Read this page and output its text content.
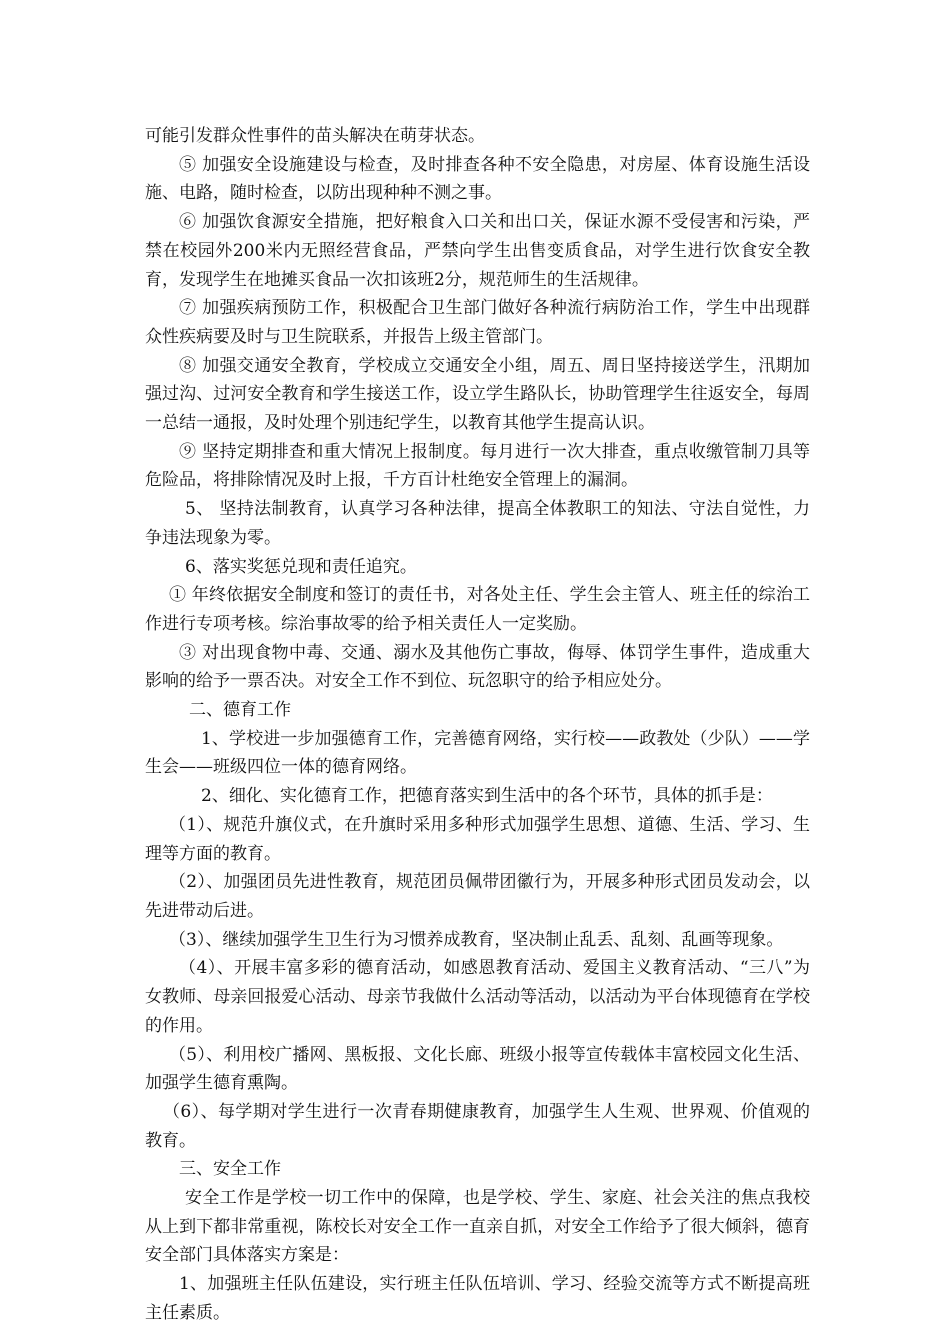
可能引发群众性事件的苗头解决在萌芽状态。

⑤ 加强安全设施建设与检查，及时排查各种不安全隐患，对房屋、体育设施生活设施、电路，随时检查，以防出现种种不测之事。

⑥ 加强饮食源安全措施，把好粮食入口关和出口关，保证水源不受侵害和污染，严禁在校园外200米内无照经营食品，严禁向学生出售变质食品，对学生进行饮食安全教育，发现学生在地摊买食品一次扣该班2分，规范师生的生活规律。

⑦ 加强疾病预防工作，积极配合卫生部门做好各种流行病防治工作，学生中出现群众性疾病要及时与卫生院联系，并报告上级主管部门。

⑧ 加强交通安全教育，学校成立交通安全小组，周五、周日坚持接送学生，汛期加强过沟、过河安全教育和学生接送工作，设立学生路队长，协助管理学生往返安全，每周一总结一通报，及时处理个别违纪学生，以教育其他学生提高认识。

⑨ 坚持定期排查和重大情况上报制度。每月进行一次大排查，重点收缴管制刀具等危险品，将排除情况及时上报，千方百计杜绝安全管理上的漏洞。

5、 坚持法制教育，认真学习各种法律，提高全体教职工的知法、守法自觉性，力争违法现象为零。

6、落实奖惩兑现和责任追究。

① 年终依据安全制度和签订的责任书，对各处主任、学生会主管人、班主任的综治工作进行专项考核。综治事故零的给予相关责任人一定奖励。

③ 对出现食物中毒、交通、溺水及其他伤亡事故，侮辱、体罚学生事件，造成重大影响的给予一票否决。对安全工作不到位、玩忽职守的给予相应处分。

二、德育工作

1、学校进一步加强德育工作，完善德育网络，实行校——政教处（少队）——学生会——班级四位一体的德育网络。

2、细化、实化德育工作，把德育落实到生活中的各个环节，具体的抓手是：

（1）、规范升旗仪式，在升旗时采用多种形式加强学生思想、道德、生活、学习、生理等方面的教育。

（2）、加强团员先进性教育，规范团员佩带团徽行为，开展多种形式团员发动会，以先进带动后进。

（3）、继续加强学生卫生行为习惯养成教育，坚决制止乱丢、乱刻、乱画等现象。

（4）、开展丰富多彩的德育活动，如感恩教育活动、爱国主义教育活动、“三八”为女教师、母亲回报爱心活动、母亲节我做什么活动等活动，以活动为平台体现德育在学校的作用。

（5）、利用校广播网、黑板报、文化长廊、班级小报等宣传载体丰富校园文化生活、加强学生德育熏陶。

（6）、每学期对学生进行一次青春期健康教育，加强学生人生观、世界观、价值观的教育。

三、安全工作

安全工作是学校一切工作中的保障，也是学校、学生、家庭、社会关注的焦点我校从上到下都非常重视，陈校长对安全工作一直亲自抓，对安全工作给予了很大倾斜，德育安全部门具体落实方案是：

1、加强班主任队伍建设，实行班主任队伍培训、学习、经验交流等方式不断提高班主任素质。
